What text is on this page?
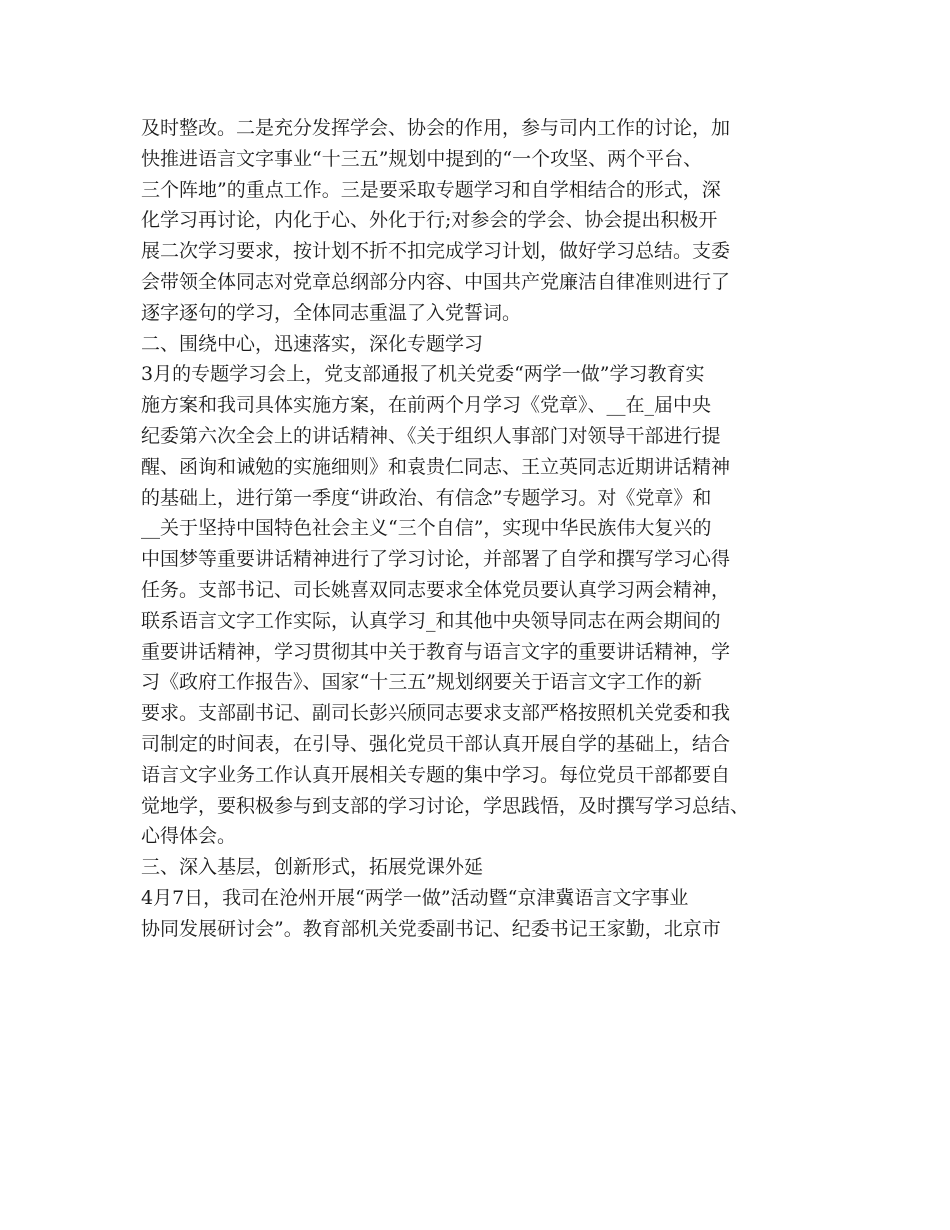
及时整改。二是充分发挥学会、协会的作用，参与司内工作的讨论，加
快推进语言文字事业“十三五”规划中提到的“一个攻坚、两个平台、
三个阵地”的重点工作。三是要采取专题学习和自学相结合的形式，深
化学习再讨论，内化于心、外化于行;对参会的学会、协会提出积极开
展二次学习要求，按计划不折不扣完成学习计划，做好学习总结。支委
会带领全体同志对党章总纲部分内容、中国共产党廉洁自律准则进行了
逐字逐句的学习，全体同志重温了入党誓词。
二、围绕中心，迅速落实，深化专题学习
3月的专题学习会上，党支部通报了机关党委“两学一做”学习教育实
施方案和我司具体实施方案，在前两个月学习《党章》、__在_届中央
纪委第六次全会上的讲话精神、《关于组织人事部门对领导干部进行提
醒、函询和诫勉的实施细则》和袁贵仁同志、王立英同志近期讲话精神
的基础上，进行第一季度“讲政治、有信念”专题学习。对《党章》和
__关于坚持中国特色社会主义“三个自信”，实现中华民族伟大复兴的
中国梦等重要讲话精神进行了学习讨论，并部署了自学和撰写学习心得
任务。支部书记、司长姚喜双同志要求全体党员要认真学习两会精神，
联系语言文字工作实际，认真学习_和其他中央领导同志在两会期间的
重要讲话精神，学习贯彻其中关于教育与语言文字的重要讲话精神，学
习《政府工作报告》、国家“十三五”规划纲要关于语言文字工作的新
要求。支部副书记、副司长彭兴颀同志要求支部严格按照机关党委和我
司制定的时间表，在引导、强化党员干部认真开展自学的基础上，结合
语言文字业务工作认真开展相关专题的集中学习。每位党员干部都要自
觉地学，要积极参与到支部的学习讨论，学思践悟，及时撰写学习总结、
心得体会。
三、深入基层，创新形式，拓展党课外延
4月7日，我司在沧州开展“两学一做”活动暨“京津冀语言文字事业
协同发展研讨会”。教育部机关党委副书记、纪委书记王家勤，北京市
